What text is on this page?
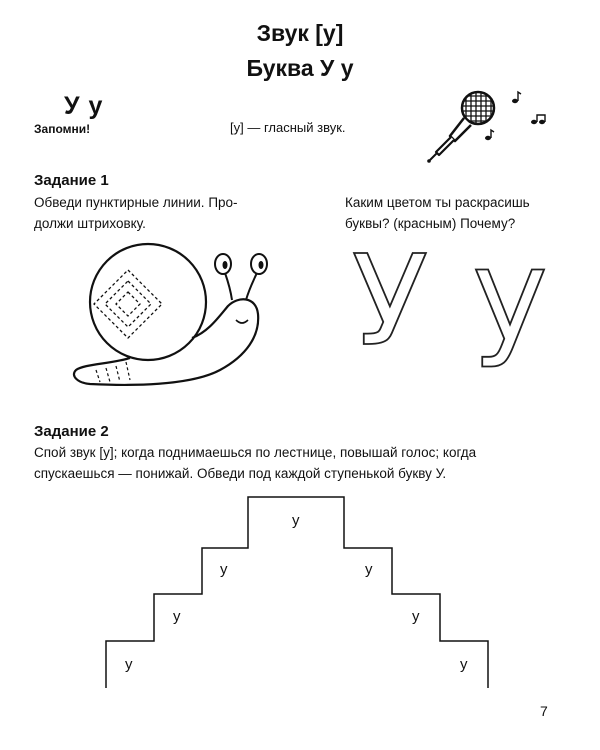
Звук [у]
Буква У у
У у
Запомни!	[у] — гласный звук.
Задание 1
Обведи пунктирные линии. Про-
должи штриховку.
Каким цветом ты раскрасишь
буквы? (красным) Почему?
У у
Задание 2
Спой звук [у]; когда поднимаешься по лестнице, повышай голос; когда
спускаешься — понижай. Обведи под каждой ступенькой букву У.
у
у
у
у
у
у
у
7
